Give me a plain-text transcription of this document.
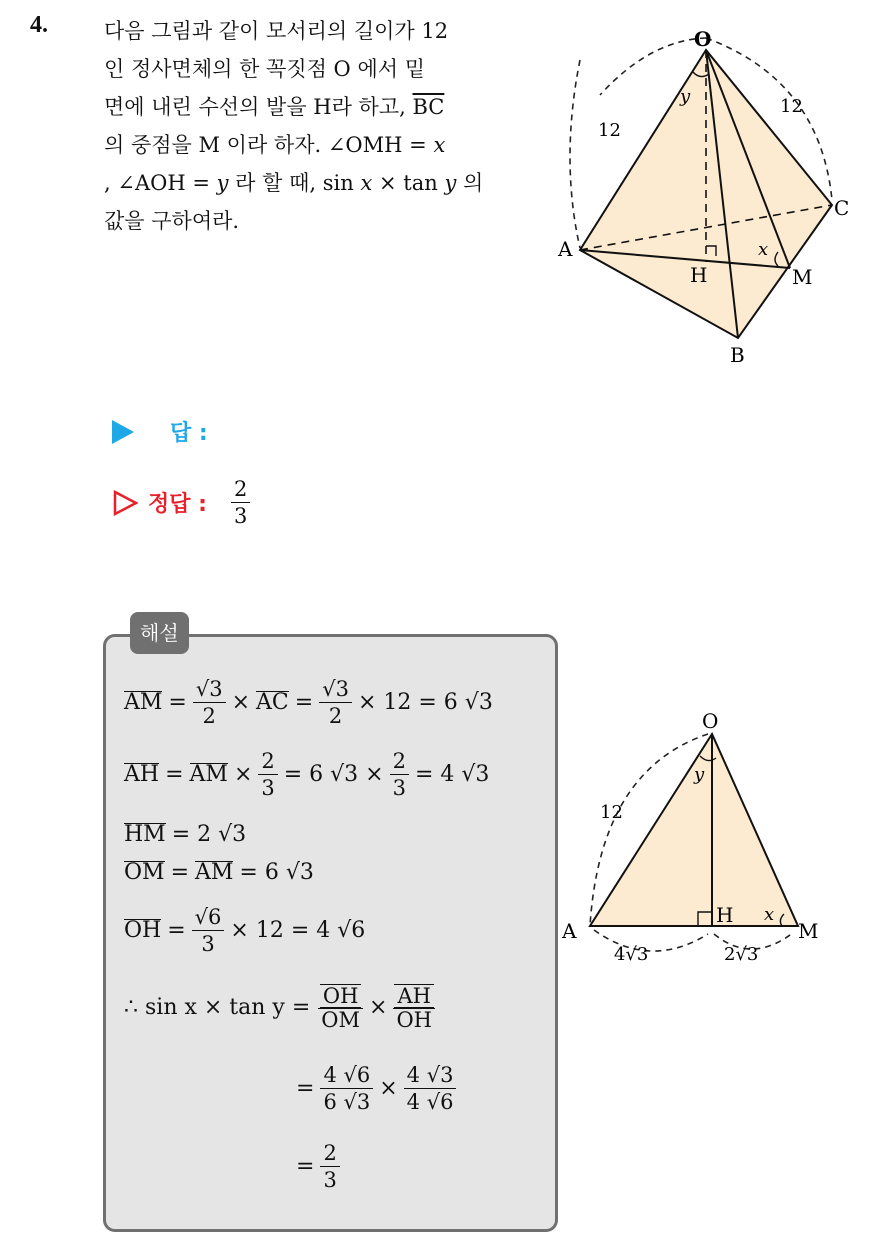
4.	다음 그림과 같이 모서리의 길이가 12

인 정사면체의 한 꼭짓점 O 에서 밑

면에 내린 수선의 발을 H라 하고, $\overline{BC}$

의 중점을 M 이라 하자. ∠OMH = x

, ∠AOH = y 라 할 때, sin x × tan y 의

값을 구하여라.

O
A
B
C
H	M
x
y
12
12
답 :
정답 : $\frac{2}{3}$
해설
AM = $\frac{√3}{2}$ × AC = $\frac{√3}{2} \times 12 = 6$ √3
AH = AM × $\frac{2}{3} = 6$ $√3 \times \frac{2}{3} = 4$ √3
HM = 2 √3
OM = AM = 6 √3
OH = $\frac{√6}{3} \times 12 = 4$ √6
∴ $\sin x \times \tan y = \frac{OH}{OM} \times \frac{AH}{OH}$
= $\frac{4 √6}{6 √3} \times \frac{4 √3}{4 √6}$
= $\frac{2}{3}$
O
A
H
M
x
y
12
4√3	2√3
